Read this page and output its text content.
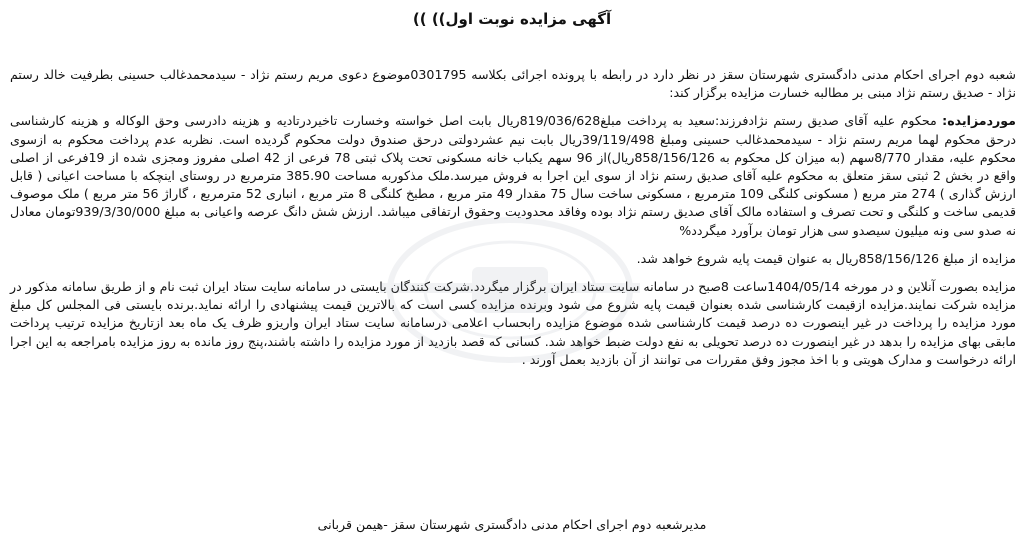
آگهی مزایده نوبت اول)) ))

شعبه دوم اجرای احکام مدنی دادگستری شهرستان سقز در نظر دارد در رابطه با پرونده اجرائی بکلاسه 0301795موضوع دعوی مریم رستم نژاد - سیدمحمدغالب حسینی بطرفیت خالد رستم نژاد - صدیق رستم نژاد مبنی بر مطالبه خسارت مزایده برگزار کند:

موردمزایده: محکوم علیه آقای صدیق رستم نژادفرزند:سعید به پرداخت مبلغ819/036/628ریال بابت اصل خواسته وخسارت تاخیردرتادیه و هزینه دادرسی وحق الوکاله و هزینه کارشناسی درحق محکوم لهما مریم رستم نژاد - سیدمحمدغالب حسینی ومبلغ 39/119/498ریال بابت نیم عشردولتی درحق صندوق دولت محکوم گردیده است. نظربه عدم پرداخت محکوم به ازسوی محکوم علیه، مقدار 8/770سهم (به میزان کل محکوم به 858/156/126ریال)از 96 سهم یکباب خانه مسکونی تحت پلاک ثبتی 78 فرعی از 42 اصلی مفروز ومجزی شده از 19فرعی از اصلی واقع در بخش 2 ثبتی سقز متعلق به محکوم علیه آقای صدیق رستم نژاد از سوی این اجرا به فروش میرسد.ملک مذکوربه مساحت 385.90 مترمربع در روستای اینچکه با مساحت اعیانی ( قابل ارزش گذاری ) 274 متر مربع ( مسکونی کلنگی 109 مترمربع ، مسکونی ساخت سال 75 مقدار 49 متر مربع ، مطبخ کلنگی 8 متر مربع ، انباری 52 مترمربع ، گاراژ 56 متر مربع ) ملک موصوف قدیمی ساخت و کلنگی و تحت تصرف و استفاده مالک آقای صدیق رستم نژاد بوده وفاقد محدودیت وحقوق ارتفاقی میباشد. ارزش شش دانگ عرصه واعیانی به مبلغ 939/3/30/000تومان معادل نه صدو سی ونه میلیون سیصدو سی هزار تومان برآورد میگردد%

مزایده از مبلغ 858/156/126ریال به عنوان قیمت پایه شروع خواهد شد.

مزایده بصورت آنلاین و در مورخه 1404/05/14ساعت 8صبح در سامانه سایت ستاد ایران برگزار میگردد.شرکت کنندگان بایستی در سامانه سایت ستاد ایران ثبت نام و از طریق سامانه مذکور در مزایده شرکت نمایند.مزایده ازقیمت کارشناسی شده بعنوان قیمت پایه شروع می شود وبرنده مزایده کسی است که بالاترین قیمت پیشنهادی را ارائه نماید.برنده بایستی فی المجلس کل مبلغ مورد مزایده را پرداخت در غیر اینصورت ده درصد قیمت کارشناسی شده موضوع مزایده رابحساب اعلامی درسامانه سایت ستاد ایران واریزو ظرف یک ماه بعد ازتاریخ مزایده ترتیب پرداخت مابقی بهای مزایده را بدهد در غیر اینصورت ده درصد تحویلی به نفع دولت ضبط خواهد شد. کسانی که قصد بازدید از مورد مزایده را داشته باشند،پنج روز مانده به روز مزایده بامراجعه به این اجرا ارائه درخواست و مدارک هویتی و با اخذ مجوز وفق مقررات می توانند از آن بازدید بعمل آورند .

مدیرشعبه دوم اجرای احکام مدنی دادگستری شهرستان سقز -هیمن قربانی
